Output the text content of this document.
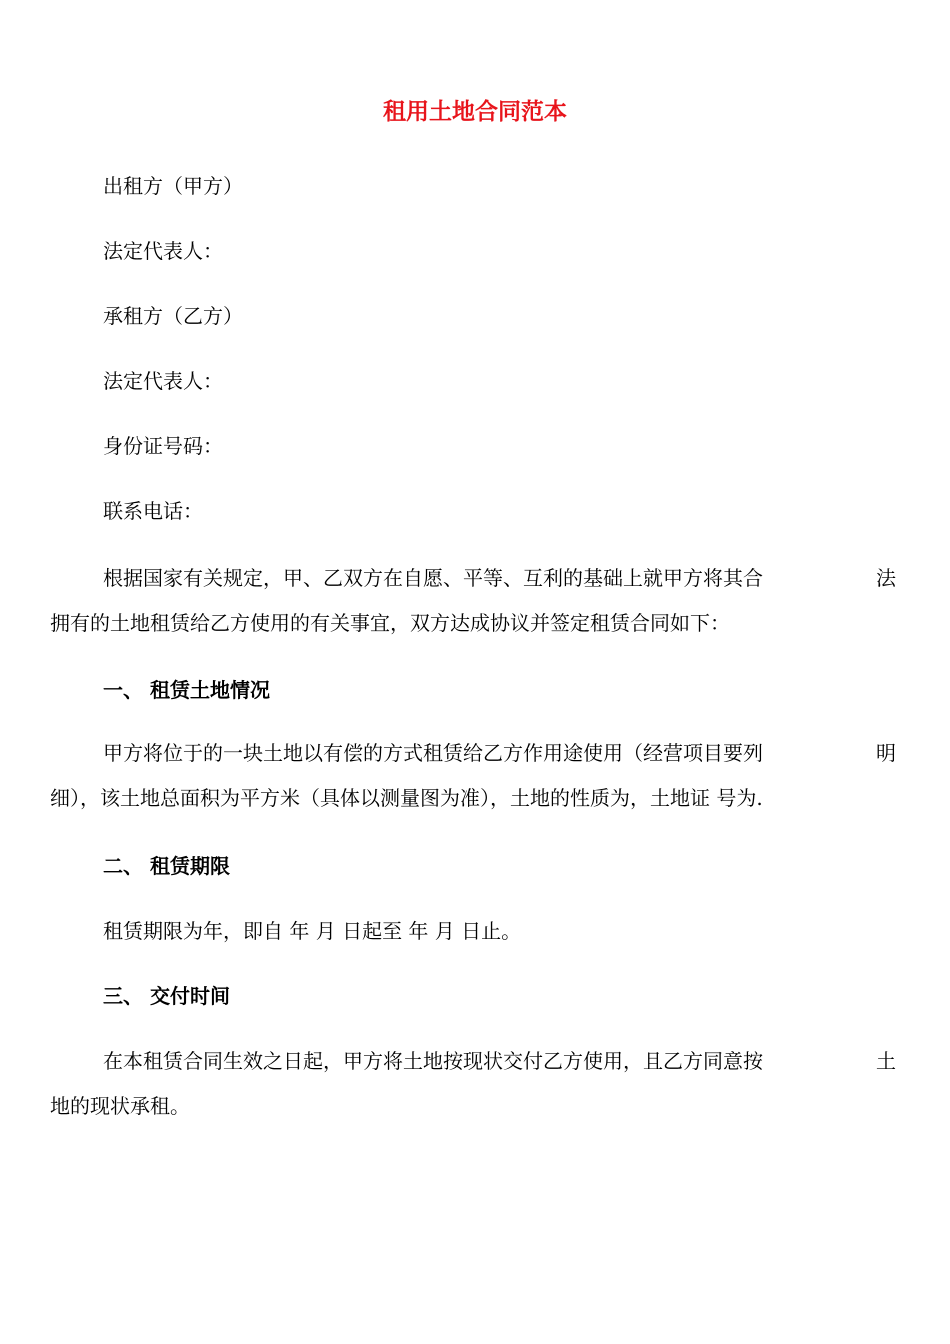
租用土地合同范本
出租方（甲方）
法定代表人：
承租方（乙方）
法定代表人：
身份证号码：
联系电话：
根据国家有关规定，甲、乙双方在自愿、平等、互利的基础上就甲方将其合	法
拥有的土地租赁给乙方使用的有关事宜，双方达成协议并签定租赁合同如下：
一、 租赁土地情况
甲方将位于的一块土地以有偿的方式租赁给乙方作用途使用（经营项目要列	明
细），该土地总面积为平方米（具体以测量图为准），土地的性质为，土地证 号为.
二、 租赁期限
租赁期限为年，即自 年 月 日起至 年 月 日止。
三、 交付时间
在本租赁合同生效之日起，甲方将土地按现状交付乙方使用，且乙方同意按	土
地的现状承租。
